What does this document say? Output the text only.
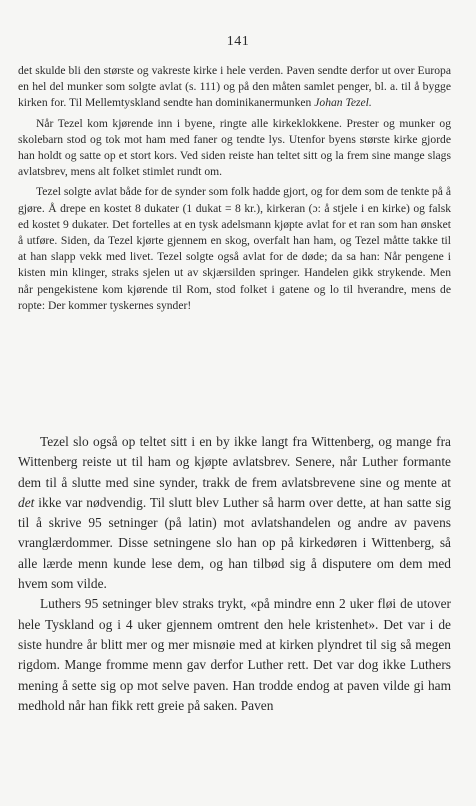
141

det skulde bli den største og vakreste kirke i hele verden. Paven sendte derfor ut over Europa en hel del munker som solgte avlat (s. 111) og på den måten samlet penger, bl. a. til å bygge kirken for. Til Mellemtyskland sendte han dominikanermunken Johan Tezel.

Når Tezel kom kjørende inn i byene, ringte alle kirkeklokkene. Prester og munker og skolebarn stod og tok mot ham med faner og tendte lys. Utenfor byens største kirke gjorde han holdt og satte op et stort kors. Ved siden reiste han teltet sitt og la frem sine mange slags avlatsbrev, mens alt folket stimlet rundt om.

Tezel solgte avlat både for de synder som folk hadde gjort, og for dem som de tenkte på å gjøre. Å drepe en kostet 8 dukater (1 dukat = 8 kr.), kirkeran (ɔ: å stjele i en kirke) og falsk ed kostet 9 dukater. Det fortelles at en tysk adelsmann kjøpte avlat for et ran som han ønsket å utføre. Siden, da Tezel kjørte gjennem en skog, overfalt han ham, og Tezel måtte takke til at han slapp vekk med livet. Tezel solgte også avlat for de døde; da sa han: Når pengene i kisten min klinger, straks sjelen ut av skjærsilden springer. Handelen gikk strykende. Men når pengekistene kom kjørende til Rom, stod folket i gatene og lo til hverandre, mens de ropte: Der kommer tyskernes synder!

Tezel slo også op teltet sitt i en by ikke langt fra Wittenberg, og mange fra Wittenberg reiste ut til ham og kjøpte avlatsbrev. Senere, når Luther formante dem til å slutte med sine synder, trakk de frem avlatsbrevene sine og mente at det ikke var nødvendig. Til slutt blev Luther så harm over dette, at han satte sig til å skrive 95 setninger (på latin) mot avlatshandelen og andre av pavens vranglærdommer. Disse setningene slo han op på kirkedøren i Wittenberg, så alle lærde menn kunde lese dem, og han tilbød sig å disputere om dem med hvem som vilde.

Luthers 95 setninger blev straks trykt, «på mindre enn 2 uker fløi de utover hele Tyskland og i 4 uker gjennem omtrent den hele kristenhet». Det var i de siste hundre år blitt mer og mer misnøie med at kirken plyndret til sig så megen rigdom. Mange fromme menn gav derfor Luther rett. Det var dog ikke Luthers mening å sette sig op mot selve paven. Han trodde endog at paven vilde gi ham medhold når han fikk rett greie på saken. Paven
